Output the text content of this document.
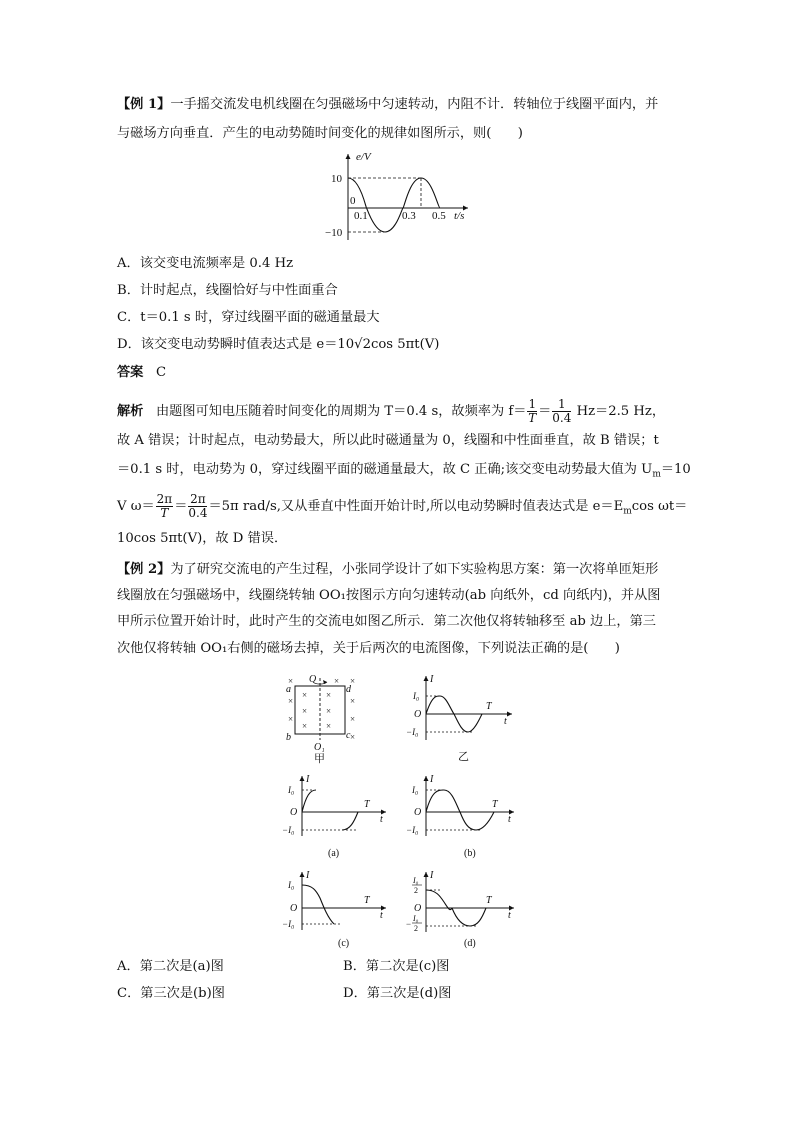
【例 1】一手摇交流发电机线圈在匀强磁场中匀速转动，内阻不计．转轴位于线圈平面内，并
与磁场方向垂直．产生的电动势随时间变化的规律如图所示，则(　　)
e/V
10
−10
0
0.1	0.3 0.5 t/s
A．该交变电流频率是 0.4 Hz
B．计时起点，线圈恰好与中性面重合
C．t＝0.1 s 时，穿过线圈平面的磁通量最大
D．该交变电动势瞬时值表达式是 e＝10√2cos 5πt(V)
答案 C
解析 由题图可知电压随着时间变化的周期为 T＝0.4 s，故频率为 $f= \frac{1}{T} = \frac{1}{0.4} Hz=2.5$ Hz，
故 A 错误；计时起点，电动势最大，所以此时磁通量为 0，线圈和中性面垂直，故 B 错误；t
＝0.1 s 时，电动势为 0，穿过线圈平面的磁通量最大，故 C 正确;该交变电动势最大值为 $U_m=10$
V $\omega= \frac{2\pi}{T} = \frac{2\pi}{0.4} =5\pi$ rad/s,又从垂直中性面开始计时,所以电动势瞬时值表达式是 $e=E_m\cos$ ωt＝
10cos 5πt(V)，故 D 错误．
【例 2】为了研究交流电的产生过程，小张同学设计了如下实验构思方案：第一次将单匝矩形
线圈放在匀强磁场中，线圈绕转轴 OO₁按图示方向匀速转动(ab 向纸外，cd 向纸内)，并从图
甲所示位置开始计时，此时产生的交流电如图乙所示．第二次他仅将转轴移至 ab 边上，第三
次他仅将转轴 OO₁右侧的磁场去掉，关于后两次的电流图像，下列说法正确的是(　　)
×
×
×
×
×
×
×
×
×
×
×
×
×
×
a
b	c
d
O
O₁
甲
I
I₀
O
−I₀
T
t
乙
I
I₀
O
−I₀
T
t
(a)
I
I₀
O
−I₀
T
t
(b)
I
I₀
O
−I₀
T
t
(c)
I
I₀
2
O
−
I₀
2
T
t
(d)
A．第二次是(a)图	B．第二次是(c)图
C．第三次是(b)图	D．第三次是(d)图
